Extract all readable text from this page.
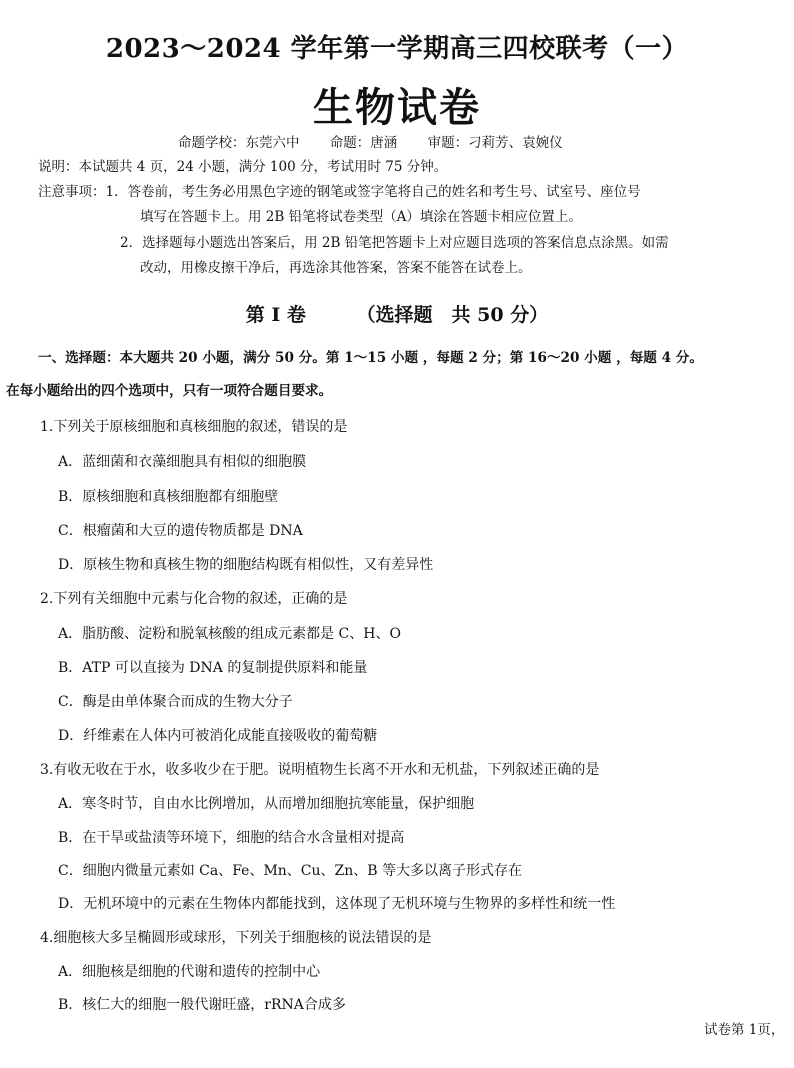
2023～2024 学年第一学期高三四校联考（一）
生物试卷
命题学校：东莞六中 命题：唐涵 审题：刁莉芳、袁婉仪
说明：本试题共 4 页，24 小题，满分 100 分，考试用时 75 分钟。
注意事项：1．答卷前，考生务必用黑色字迹的钢笔或签字笔将自己的姓名和考生号、试室号、座位号
填写在答题卡上。用 2B 铅笔将试卷类型（A）填涂在答题卡相应位置上。
2．选择题每小题选出答案后，用 2B 铅笔把答题卡上对应题目选项的答案信息点涂黑。如需
改动，用橡皮擦干净后，再选涂其他答案，答案不能答在试卷上。
第 I 卷	（选择题　共 50 分）
一、选择题：本大题共 20 小题，满分 50 分。第 1～15 小题 ，每题 2 分；第 16～20 小题 ，每题 4 分。
在每小题给出的四个选项中，只有一项符合题目要求。
1.下列关于原核细胞和真核细胞的叙述，错误的是
A．蓝细菌和衣藻细胞具有相似的细胞膜
B．原核细胞和真核细胞都有细胞壁
C．根瘤菌和大豆的遗传物质都是 DNA
D．原核生物和真核生物的细胞结构既有相似性，又有差异性
2.下列有关细胞中元素与化合物的叙述，正确的是
A．脂肪酸、淀粉和脱氧核酸的组成元素都是 C、H、O
B．ATP 可以直接为 DNA 的复制提供原料和能量
C．酶是由单体聚合而成的生物大分子
D．纤维素在人体内可被消化成能直接吸收的葡萄糖
3.有收无收在于水，收多收少在于肥。说明植物生长离不开水和无机盐，下列叙述正确的是
A．寒冬时节，自由水比例增加，从而增加细胞抗寒能量，保护细胞
B．在干旱或盐渍等环境下，细胞的结合水含量相对提高
C．细胞内微量元素如 Ca、Fe、Mn、Cu、Zn、B 等大多以离子形式存在
D．无机环境中的元素在生物体内都能找到，这体现了无机环境与生物界的多样性和统一性
4.细胞核大多呈椭圆形或球形，下列关于细胞核的说法错误的是
A．细胞核是细胞的代谢和遗传的控制中心
B．核仁大的细胞一般代谢旺盛，rRNA合成多
试卷第 1页，
